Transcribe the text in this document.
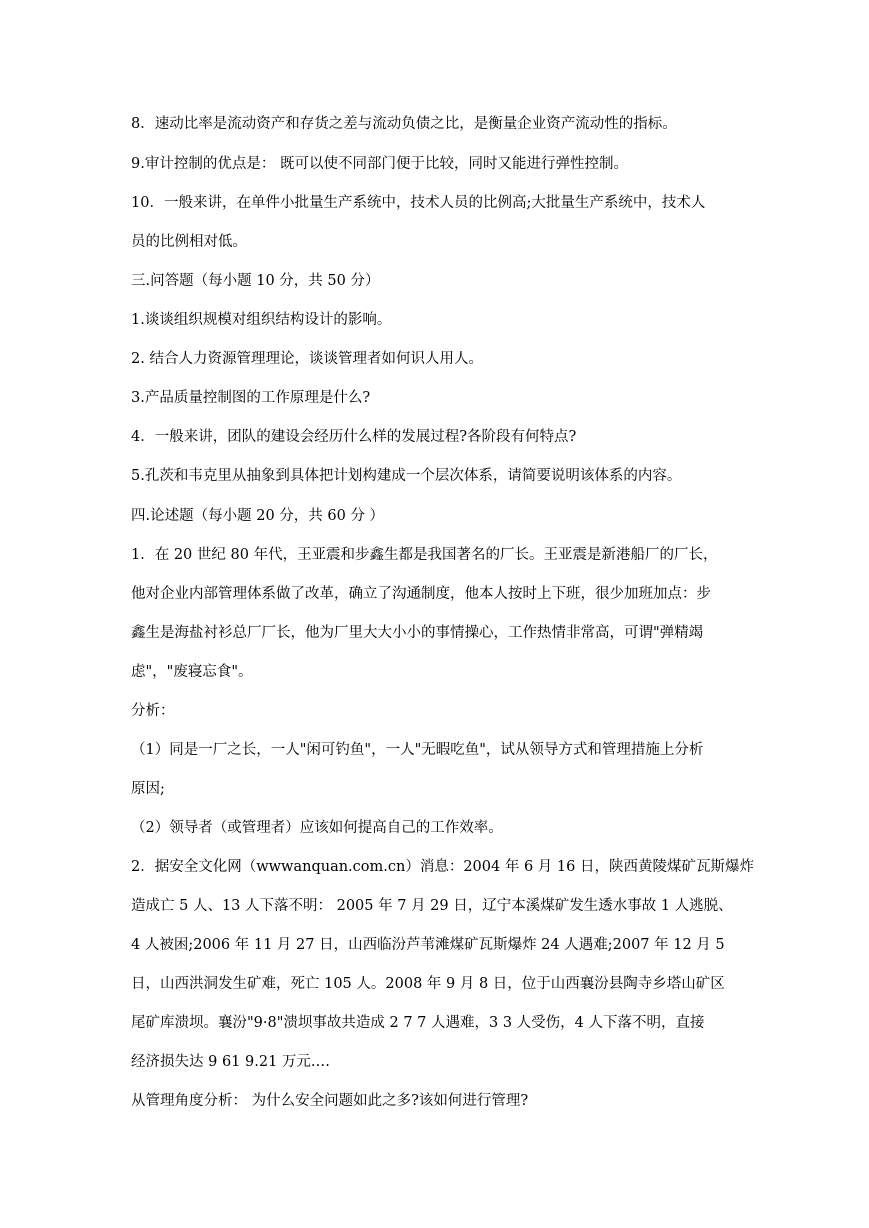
8．速动比率是流动资产和存货之差与流动负债之比，是衡量企业资产流动性的指标。
9.审计控制的优点是： 既可以使不同部门便于比较，同时又能进行弹性控制。
10．一般来讲，在单件小批量生产系统中，技术人员的比例高;大批量生产系统中，技术人
员的比例相对低。
三.问答题（每小题 10 分，共 50 分）
1.谈谈组织规模对组织结构设计的影响。
2. 结合人力资源管理理论，谈谈管理者如何识人用人。
3.产品质量控制图的工作原理是什么?
4．一般来讲，团队的建设会经历什么样的发展过程?各阶段有何特点?
5.孔茨和韦克里从抽象到具体把计划构建成一个层次体系，请简要说明该体系的内容。
四.论述题（每小题 20 分，共 60 分 ）
1．在 20 世纪 80 年代，王亚震和步鑫生都是我国著名的厂长。王亚震是新港船厂的厂长，
他对企业内部管理体系做了改革，确立了沟通制度，他本人按时上下班，很少加班加点：步
鑫生是海盐衬衫总厂厂长，他为厂里大大小小的事情操心，工作热情非常高，可谓"弹精竭
虑"，"废寝忘食"。
分析：
（1）同是一厂之长，一人"闲可钓鱼"，一人"无暇吃鱼"，试从领导方式和管理措施上分析
原因;
（2）领导者（或管理者）应该如何提高自己的工作效率。
2．据安全文化网（wwwanquan.com.cn）消息：2004 年 6 月 16 日，陕西黄陵煤矿瓦斯爆炸
造成亡 5 人、13 人下落不明： 2005 年 7 月 29 日，辽宁本溪煤矿发生透水事故 1 人逃脱、
4 人被困;2006 年 11 月 27 日，山西临汾芦苇滩煤矿瓦斯爆炸 24 人遇难;2007 年 12 月 5
日，山西洪洞发生矿难，死亡 105 人。2008 年 9 月 8 日，位于山西襄汾县陶寺乡塔山矿区
尾矿库溃坝。襄汾"9·8"溃坝事故共造成 2 7 7 人遇难，3 3 人受伤，4 人下落不明，直接
经济损失达 9 61 9.21 万元.…
从管理角度分析： 为什么安全问题如此之多?该如何进行管理?
